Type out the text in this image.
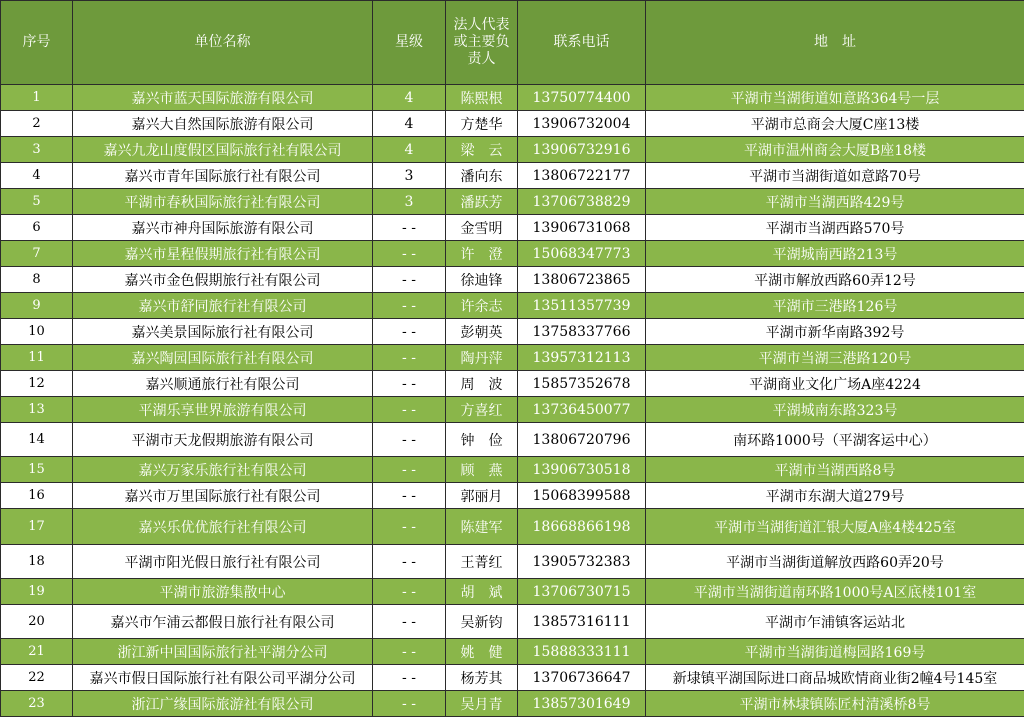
序号	单位名称	星级	法人代表或主要负责人	联系电话	地　址
1	嘉兴市蓝天国际旅游有限公司	4	陈熙根	13750774400	平湖市当湖街道如意路364号一层
2	嘉兴大自然国际旅游有限公司	4	方楚华	13906732004	平湖市总商会大厦C座13楼
3	嘉兴九龙山度假区国际旅行社有限公司	4	梁　云	13906732916	平湖市温州商会大厦B座18楼
4	嘉兴市青年国际旅行社有限公司	3	潘向东	13806722177	平湖市当湖街道如意路70号
5	平湖市春秋国际旅行社有限公司	3	潘跃芳	13706738829	平湖市当湖西路429号
6	嘉兴市神舟国际旅游有限公司	- -	金雪明	13906731068	平湖市当湖西路570号
7	嘉兴市星程假期旅行社有限公司	- -	许　澄	15068347773	平湖城南西路213号
8	嘉兴市金色假期旅行社有限公司	- -	徐迪锋	13806723865	平湖市解放西路60弄12号
9	嘉兴市舒同旅行社有限公司	- -	许余志	13511357739	平湖市三港路126号
10	嘉兴美景国际旅行社有限公司	- -	彭朝英	13758337766	平湖市新华南路392号
11	嘉兴陶园国际旅行社有限公司	- -	陶丹萍	13957312113	平湖市当湖三港路120号
12	嘉兴顺通旅行社有限公司	- -	周　波	15857352678	平湖商业文化广场A座4224
13	平湖乐享世界旅游有限公司	- -	方喜红	13736450077	平湖城南东路323号
14	平湖市天龙假期旅游有限公司	- -	钟　俭	13806720796	南环路1000号（平湖客运中心）
15	嘉兴万家乐旅行社有限公司	- -	顾　燕	13906730518	平湖市当湖西路8号
16	嘉兴市万里国际旅行社有限公司	- -	郭丽月	15068399588	平湖市东湖大道279号
17	嘉兴乐优优旅行社有限公司	- -	陈建军	18668866198	平湖市当湖街道汇银大厦A座4楼425室
18	平湖市阳光假日旅行社有限公司	- -	王菁红	13905732383	平湖市当湖街道解放西路60弄20号
19	平湖市旅游集散中心	- -	胡　斌	13706730715	平湖市当湖街道南环路1000号A区底楼101室
20	嘉兴市乍浦云都假日旅行社有限公司	- -	吴新钧	13857316111	平湖市乍浦镇客运站北
21	浙江新中国国际旅行社平湖分公司	- -	姚　健	15888333111	平湖市当湖街道梅园路169号
22	嘉兴市假日国际旅行社有限公司平湖分公司	- -	杨芳其	13706736647	新埭镇平湖国际进口商品城欧情商业街2幢4号145室
23	浙江广缘国际旅游社有限公司	- -	吴月青	13857301649	平湖市林埭镇陈匠村清溪桥8号
